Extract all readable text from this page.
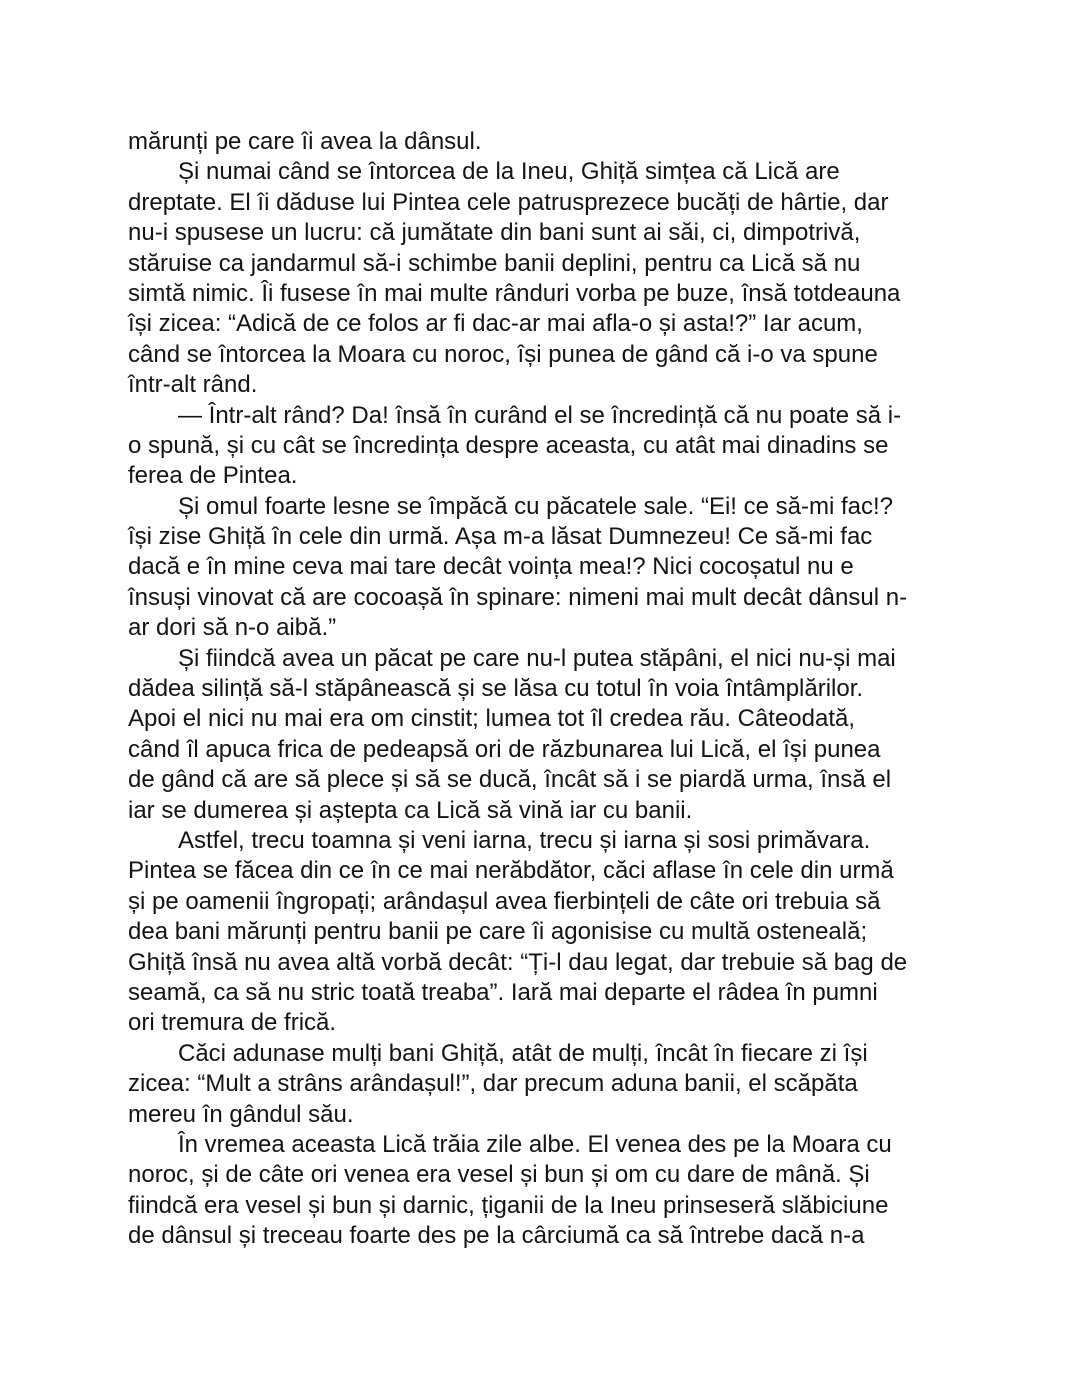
mărunți pe care îi avea la dânsul.
Și numai când se întorcea de la Ineu, Ghiță simțea că Lică are
dreptate. El îi dăduse lui Pintea cele patrusprezece bucăți de hârtie, dar
nu-i spusese un lucru: că jumătate din bani sunt ai săi, ci, dimpotrivă,
stăruise ca jandarmul să-i schimbe banii deplini, pentru ca Lică să nu
simtă nimic. Îi fusese în mai multe rânduri vorba pe buze, însă totdeauna
își zicea: “Adică de ce folos ar fi dac-ar mai afla-o și asta!?” Iar acum,
când se întorcea la Moara cu noroc, își punea de gând că i-o va spune
într-alt rând.
— Într-alt rând? Da! însă în curând el se încredință că nu poate să i-
o spună, și cu cât se încredința despre aceasta, cu atât mai dinadins se
ferea de Pintea.
Și omul foarte lesne se împăcă cu păcatele sale. “Ei! ce să-mi fac!?
își zise Ghiță în cele din urmă. Așa m-a lăsat Dumnezeu! Ce să-mi fac
dacă e în mine ceva mai tare decât voința mea!? Nici cocoșatul nu e
însuși vinovat că are cocoașă în spinare: nimeni mai mult decât dânsul n-
ar dori să n-o aibă.”
Și fiindcă avea un păcat pe care nu-l putea stăpâni, el nici nu-și mai
dădea silință să-l stăpânească și se lăsa cu totul în voia întâmplărilor.
Apoi el nici nu mai era om cinstit; lumea tot îl credea rău. Câteodată,
când îl apuca frica de pedeapsă ori de răzbunarea lui Lică, el își punea
de gând că are să plece și să se ducă, încât să i se piardă urma, însă el
iar se dumerea și aștepta ca Lică să vină iar cu banii.
Astfel, trecu toamna și veni iarna, trecu și iarna și sosi primăvara.
Pintea se făcea din ce în ce mai nerăbdător, căci aflase în cele din urmă
și pe oamenii îngropați; arândașul avea fierbințeli de câte ori trebuia să
dea bani mărunți pentru banii pe care îi agonisise cu multă osteneală;
Ghiță însă nu avea altă vorbă decât: “Ți-l dau legat, dar trebuie să bag de
seamă, ca să nu stric toată treaba”. Iară mai departe el râdea în pumni
ori tremura de frică.
Căci adunase mulți bani Ghiță, atât de mulți, încât în fiecare zi își
zicea: “Mult a strâns arândașul!”, dar precum aduna banii, el scăpăta
mereu în gândul său.
În vremea aceasta Lică trăia zile albe. El venea des pe la Moara cu
noroc, și de câte ori venea era vesel și bun și om cu dare de mână. Și
fiindcă era vesel și bun și darnic, țiganii de la Ineu prinseseră slăbiciune
de dânsul și treceau foarte des pe la cârciumă ca să întrebe dacă n-a
